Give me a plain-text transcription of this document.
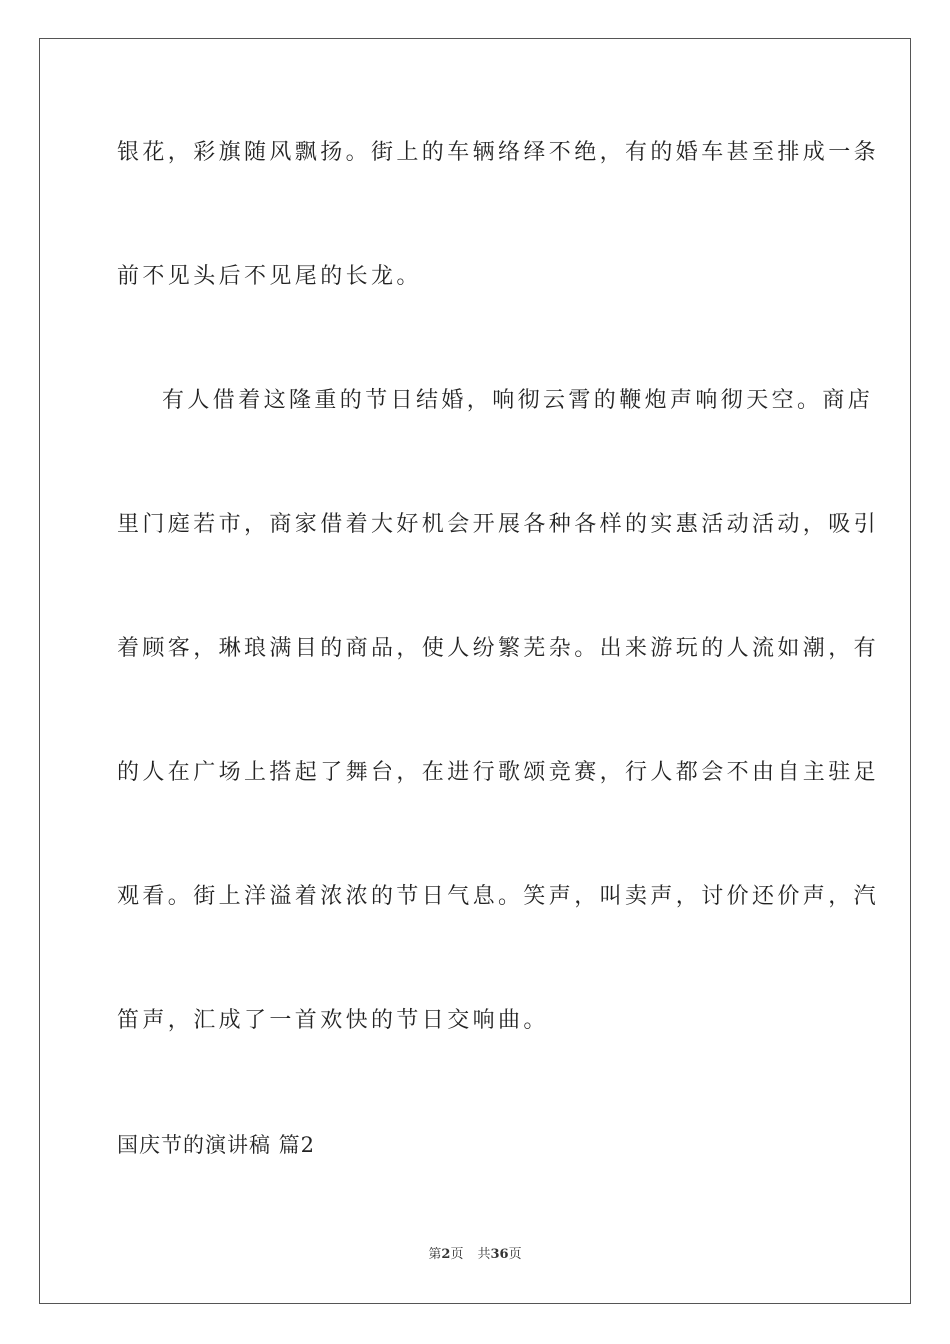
银花，彩旗随风飘扬。街上的车辆络绎不绝，有的婚车甚至排成一条
前不见头后不见尾的长龙。
有人借着这隆重的节日结婚，响彻云霄的鞭炮声响彻天空。商店
里门庭若市，商家借着大好机会开展各种各样的实惠活动活动，吸引
着顾客，琳琅满目的商品，使人纷繁芜杂。出来游玩的人流如潮，有
的人在广场上搭起了舞台，在进行歌颂竞赛，行人都会不由自主驻足
观看。街上洋溢着浓浓的节日气息。笑声，叫卖声，讨价还价声，汽
笛声，汇成了一首欢快的节日交响曲。
国庆节的演讲稿 篇2
第2页 共36页
